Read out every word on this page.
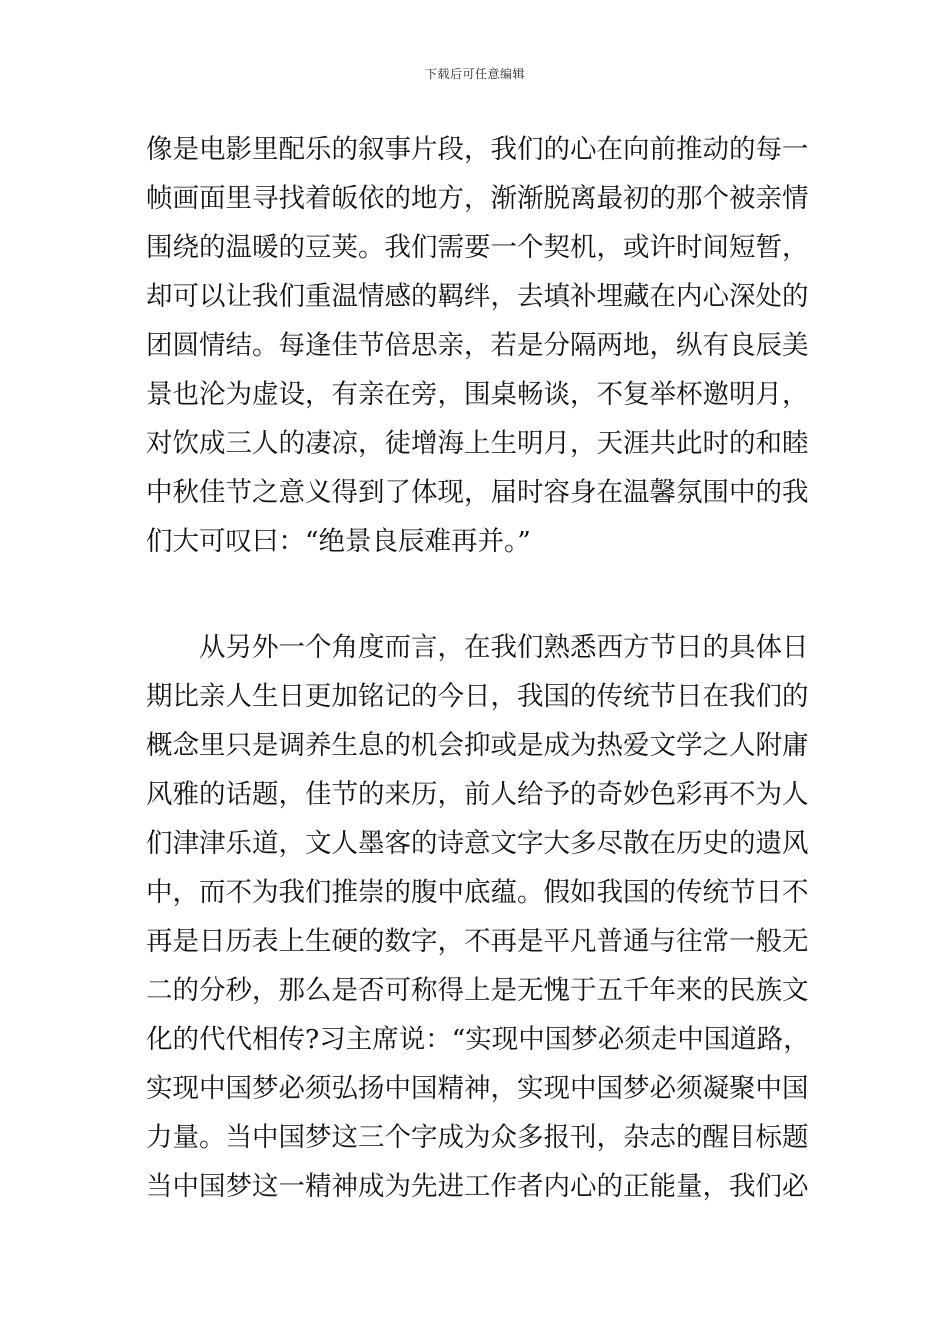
下载后可任意编辑
像是电影里配乐的叙事片段，我们的心在向前推动的每一
帧画面里寻找着皈依的地方，渐渐脱离最初的那个被亲情
围绕的温暖的豆荚。我们需要一个契机，或许时间短暂，
却可以让我们重温情感的羁绊，去填补埋藏在内心深处的
团圆情结。每逢佳节倍思亲，若是分隔两地，纵有良辰美
景也沦为虚设，有亲在旁，围桌畅谈，不复举杯邀明月，
对饮成三人的凄凉，徒增海上生明月，天涯共此时的和睦
中秋佳节之意义得到了体现，届时容身在温馨氛围中的我
们大可叹曰：“绝景良辰难再并。”
从另外一个角度而言，在我们熟悉西方节日的具体日
期比亲人生日更加铭记的今日，我国的传统节日在我们的
概念里只是调养生息的机会抑或是成为热爱文学之人附庸
风雅的话题，佳节的来历，前人给予的奇妙色彩再不为人
们津津乐道，文人墨客的诗意文字大多尽散在历史的遗风
中，而不为我们推崇的腹中底蕴。假如我国的传统节日不
再是日历表上生硬的数字，不再是平凡普通与往常一般无
二的分秒，那么是否可称得上是无愧于五千年来的民族文
化的代代相传?习主席说：“实现中国梦必须走中国道路，
实现中国梦必须弘扬中国精神，实现中国梦必须凝聚中国
力量。当中国梦这三个字成为众多报刊，杂志的醒目标题
当中国梦这一精神成为先进工作者内心的正能量，我们必
